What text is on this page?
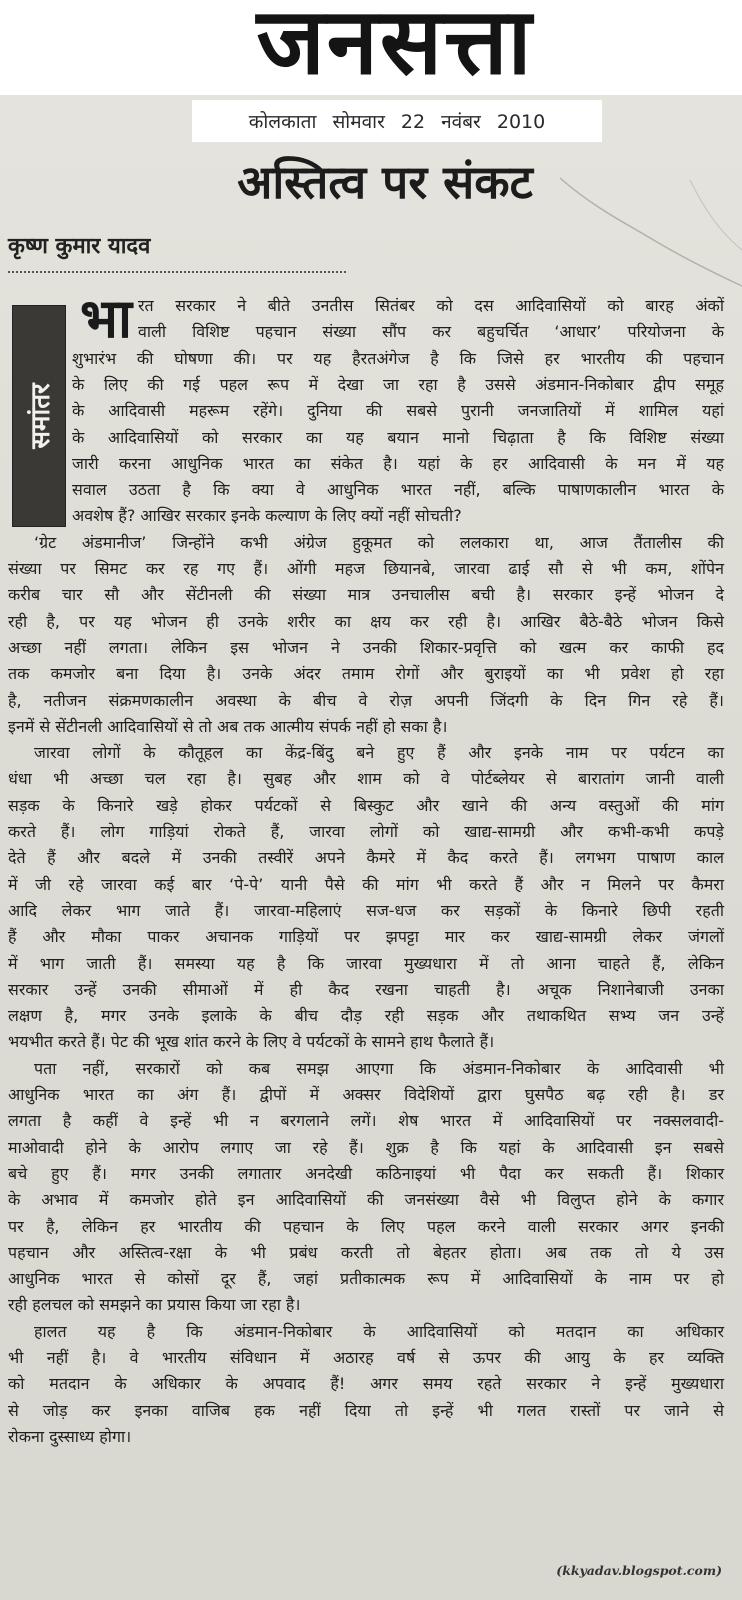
जनसत्ता
कोलकाता सोमवार 22 नवंबर 2010
अस्तित्व पर संकट
कृष्ण कुमार यादव
समांतर
भा रत सरकार ने बीते उनतीस सितंबर को दस आदिवासियों को बारह अंकों
वाली विशिष्ट पहचान संख्या सौंप कर बहुचर्चित ‘आधार’ परियोजना के
शुभारंभ की घोषणा की। पर यह हैरतअंगेज है कि जिसे हर भारतीय की पहचान
के लिए की गई पहल रूप में देखा जा रहा है उससे अंडमान-निकोबार द्वीप समूह
के आदिवासी महरूम रहेंगे। दुनिया की सबसे पुरानी जनजातियों में शामिल यहां
के आदिवासियों को सरकार का यह बयान मानो चिढ़ाता है कि विशिष्ट संख्या
जारी करना आधुनिक भारत का संकेत है। यहां के हर आदिवासी के मन में यह
सवाल उठता है कि क्या वे आधुनिक भारत नहीं, बल्कि पाषाणकालीन भारत के
अवशेष हैं? आखिर सरकार इनके कल्याण के लिए क्यों नहीं सोचती?
‘ग्रेट अंडमानीज’ जिन्होंने कभी अंग्रेज हुकूमत को ललकारा था, आज तैंतालीस की
संख्या पर सिमट कर रह गए हैं। ओंगी महज छियानबे, जारवा ढाई सौ से भी कम, शोंपेन
करीब चार सौ और सेंटीनली की संख्या मात्र उनचालीस बची है। सरकार इन्हें भोजन दे
रही है, पर यह भोजन ही उनके शरीर का क्षय कर रही है। आखिर बैठे-बैठे भोजन किसे
अच्छा नहीं लगता। लेकिन इस भोजन ने उनकी शिकार-प्रवृत्ति को खत्म कर काफी हद
तक कमजोर बना दिया है। उनके अंदर तमाम रोगों और बुराइयों का भी प्रवेश हो रहा
है, नतीजन संक्रमणकालीन अवस्था के बीच वे रोज़ अपनी जिंदगी के दिन गिन रहे हैं।
इनमें से सेंटीनली आदिवासियों से तो अब तक आत्मीय संपर्क नहीं हो सका है।
जारवा लोगों के कौतूहल का केंद्र-बिंदु बने हुए हैं और इनके नाम पर पर्यटन का
धंधा भी अच्छा चल रहा है। सुबह और शाम को वे पोर्टब्लेयर से बारातांग जानी वाली
सड़क के किनारे खड़े होकर पर्यटकों से बिस्कुट और खाने की अन्य वस्तुओं की मांग
करते हैं। लोग गाड़ियां रोकते हैं, जारवा लोगों को खाद्य-सामग्री और कभी-कभी कपड़े
देते हैं और बदले में उनकी तस्वीरें अपने कैमरे में कैद करते हैं। लगभग पाषाण काल
में जी रहे जारवा कई बार ‘पे-पे’ यानी पैसे की मांग भी करते हैं और न मिलने पर कैमरा
आदि लेकर भाग जाते हैं। जारवा-महिलाएं सज-धज कर सड़कों के किनारे छिपी रहती
हैं और मौका पाकर अचानक गाड़ियों पर झपट्टा मार कर खाद्य-सामग्री लेकर जंगलों
में भाग जाती हैं। समस्या यह है कि जारवा मुख्यधारा में तो आना चाहते हैं, लेकिन
सरकार उन्हें उनकी सीमाओं में ही कैद रखना चाहती है। अचूक निशानेबाजी उनका
लक्षण है, मगर उनके इलाके के बीच दौड़ रही सड़क और तथाकथित सभ्य जन उन्हें
भयभीत करते हैं। पेट की भूख शांत करने के लिए वे पर्यटकों के सामने हाथ फैलाते हैं।
पता नहीं, सरकारों को कब समझ आएगा कि अंडमान-निकोबार के आदिवासी भी
आधुनिक भारत का अंग हैं। द्वीपों में अक्सर विदेशियों द्वारा घुसपैठ बढ़ रही है। डर
लगता है कहीं वे इन्हें भी न बरगलाने लगें। शेष भारत में आदिवासियों पर नक्सलवादी-
माओवादी होने के आरोप लगाए जा रहे हैं। शुक्र है कि यहां के आदिवासी इन सबसे
बचे हुए हैं। मगर उनकी लगातार अनदेखी कठिनाइयां भी पैदा कर सकती हैं। शिकार
के अभाव में कमजोर होते इन आदिवासियों की जनसंख्या वैसे भी विलुप्त होने के कगार
पर है, लेकिन हर भारतीय की पहचान के लिए पहल करने वाली सरकार अगर इनकी
पहचान और अस्तित्व-रक्षा के भी प्रबंध करती तो बेहतर होता। अब तक तो ये उस
आधुनिक भारत से कोसों दूर हैं, जहां प्रतीकात्मक रूप में आदिवासियों के नाम पर हो
रही हलचल को समझने का प्रयास किया जा रहा है।
हालत यह है कि अंडमान-निकोबार के आदिवासियों को मतदान का अधिकार
भी नहीं है। वे भारतीय संविधान में अठारह वर्ष से ऊपर की आयु के हर व्यक्ति
को मतदान के अधिकार के अपवाद हैं! अगर समय रहते सरकार ने इन्हें मुख्यधारा
से जोड़ कर इनका वाजिब हक नहीं दिया तो इन्हें भी गलत रास्तों पर जाने से
रोकना दुस्साध्य होगा।
(kkyadav.blogspot.com)
